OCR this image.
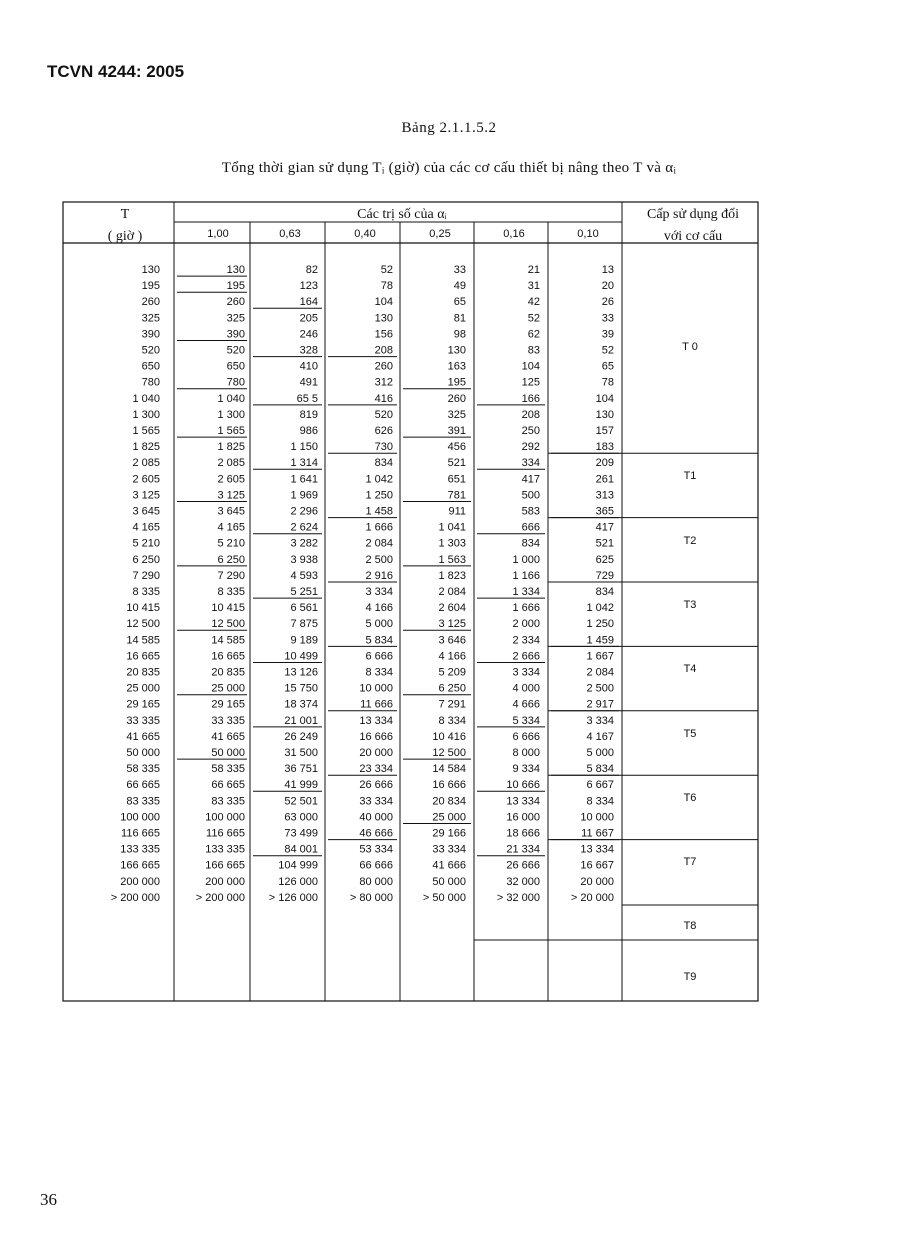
TCVN 4244: 2005
Bảng 2.1.1.5.2
Tổng thời gian sử dụng Tᵢ (giờ) của các cơ cấu thiết bị nâng theo T và αᵢ
36
T
( giờ )
Các trị số của αᵢ	Cấp sử dụng đối
với cơ cấu
1,00	0,63	0,40	0,25	0,16	0,10
130	130	82	52	33	21	13
195	195	123	78	49	31	20
260	260	164	104	65	42	26
325	325	205	130	81	52	33
390	390	246	156	98	62	39
520	520	328	208	130	83	52
650	650	410	260	163	104	65
780	780	491	312	195	125	78
1 040	1 040	65 5	416	260	166	104
1 300	1 300	819	520	325	208	130
1 565	1 565	986	626	391	250	157
1 825	1 825	1 150	730	456	292	183
2 085	2 085	1 314	834	521	334	209
2 605	2 605	1 641	1 042	651	417	261
3 125	3 125	1 969	1 250	781	500	313
3 645	3 645	2 296	1 458	911	583	365
4 165	4 165	2 624	1 666	1 041	666	417
5 210	5 210	3 282	2 084	1 303	834	521
6 250	6 250	3 938	2 500	1 563	1 000	625
7 290	7 290	4 593	2 916	1 823	1 166	729
8 335	8 335	5 251	3 334	2 084	1 334	834
10 415	10 415	6 561	4 166	2 604	1 666	1 042
12 500	12 500	7 875	5 000	3 125	2 000	1 250
14 585	14 585	9 189	5 834	3 646	2 334	1 459
16 665	16 665	10 499	6 666	4 166	2 666	1 667
20 835	20 835	13 126	8 334	5 209	3 334	2 084
25 000	25 000	15 750	10 000	6 250	4 000	2 500
29 165	29 165	18 374	11 666	7 291	4 666	2 917
33 335	33 335	21 001	13 334	8 334	5 334	3 334
41 665	41 665	26 249	16 666	10 416	6 666	4 167
50 000	50 000	31 500	20 000	12 500	8 000	5 000
58 335	58 335	36 751	23 334	14 584	9 334	5 834
66 665	66 665	41 999	26 666	16 666	10 666	6 667
83 335	83 335	52 501	33 334	20 834	13 334	8 334
100 000	100 000	63 000	40 000	25 000	16 000	10 000
116 665	116 665	73 499	46 666	29 166	18 666	11 667
133 335	133 335	84 001	53 334	33 334	21 334	13 334
166 665	166 665	104 999	66 666	41 666	26 666	16 667
200 000	200 000	126 000	80 000	50 000	32 000	20 000
> 200 000	> 200 000 > 126 000	> 80 000	> 50 000	> 32 000	> 20 000
T 0
T1
T2
T3
T4
T5
T6
T7
T8
T9
